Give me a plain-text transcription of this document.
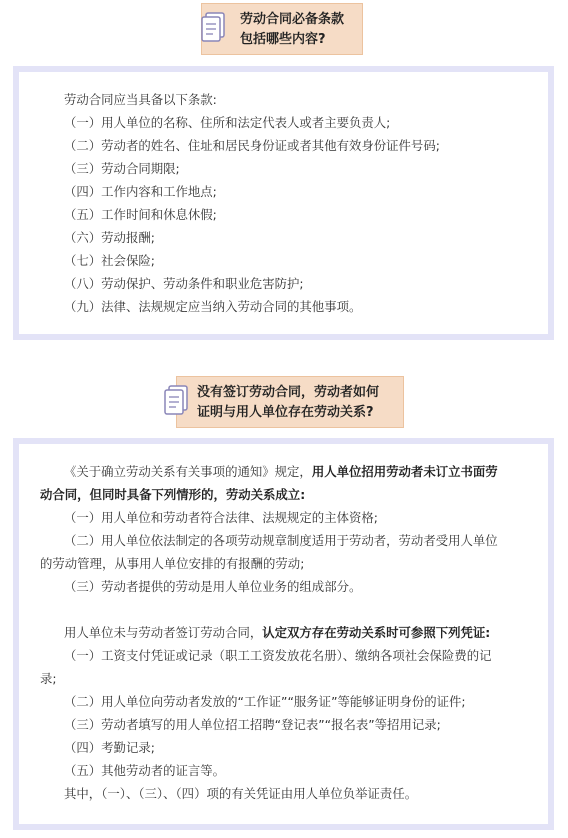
劳动合同必备条款
包括哪些内容?
劳动合同应当具备以下条款:
（一）用人单位的名称、住所和法定代表人或者主要负责人;
（二）劳动者的姓名、住址和居民身份证或者其他有效身份证件号码;
（三）劳动合同期限;
（四）工作内容和工作地点;
（五）工作时间和休息休假;
（六）劳动报酬;
（七）社会保险;
（八）劳动保护、劳动条件和职业危害防护;
（九）法律、法规规定应当纳入劳动合同的其他事项。
没有签订劳动合同，劳动者如何
证明与用人单位存在劳动关系?
《关于确立劳动关系有关事项的通知》规定，用人单位招用劳动者未订立书面劳
动合同，但同时具备下列情形的，劳动关系成立:
（一）用人单位和劳动者符合法律、法规规定的主体资格;
（二）用人单位依法制定的各项劳动规章制度适用于劳动者，劳动者受用人单位
的劳动管理，从事用人单位安排的有报酬的劳动;
（三）劳动者提供的劳动是用人单位业务的组成部分。
用人单位未与劳动者签订劳动合同，认定双方存在劳动关系时可参照下列凭证:
（一）工资支付凭证或记录（职工工资发放花名册）、缴纳各项社会保险费的记
录;
（二）用人单位向劳动者发放的“工作证”“服务证”等能够证明身份的证件;
（三）劳动者填写的用人单位招工招聘“登记表”“报名表”等招用记录;
（四）考勤记录;
（五）其他劳动者的证言等。
其中，（一）、（三）、（四）项的有关凭证由用人单位负举证责任。
